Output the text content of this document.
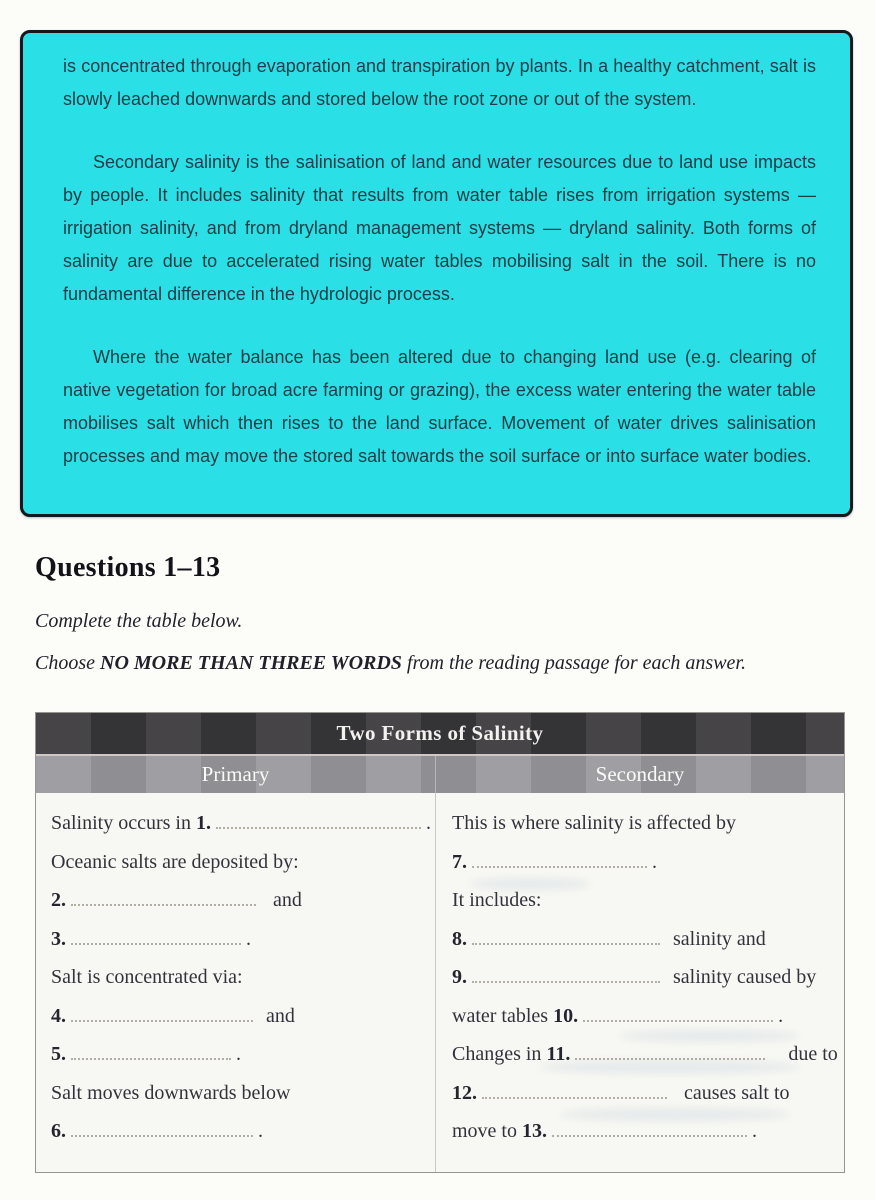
is concentrated through evaporation and transpiration by plants. In a healthy catchment, salt is slowly leached downwards and stored below the root zone or out of the system.
Secondary salinity is the salinisation of land and water resources due to land use impacts by people. It includes salinity that results from water table rises from irrigation systems — irrigation salinity, and from dryland management systems — dryland salinity. Both forms of salinity are due to accelerated rising water tables mobilising salt in the soil. There is no fundamental difference in the hydrologic process.
Where the water balance has been altered due to changing land use (e.g. clearing of native vegetation for broad acre farming or grazing), the excess water entering the water table mobilises salt which then rises to the land surface. Movement of water drives salinisation processes and may move the stored salt towards the soil surface or into surface water bodies.
Questions 1–13
Complete the table below.
Choose NO MORE THAN THREE WORDS from the reading passage for each answer.
Two Forms of Salinity
Primary	Secondary
Salinity occurs in 1.	.
Oceanic salts are deposited by:
2.	and
3.	.
Salt is concentrated via:
4.	and
5.	.
Salt moves downwards below
6.	.
This is where salinity is affected by
7.	.
It includes:
8.	salinity and
9.	salinity caused by
water tables 10.	.
Changes in 11.	due to
12.	causes salt to
move to 13.	.
